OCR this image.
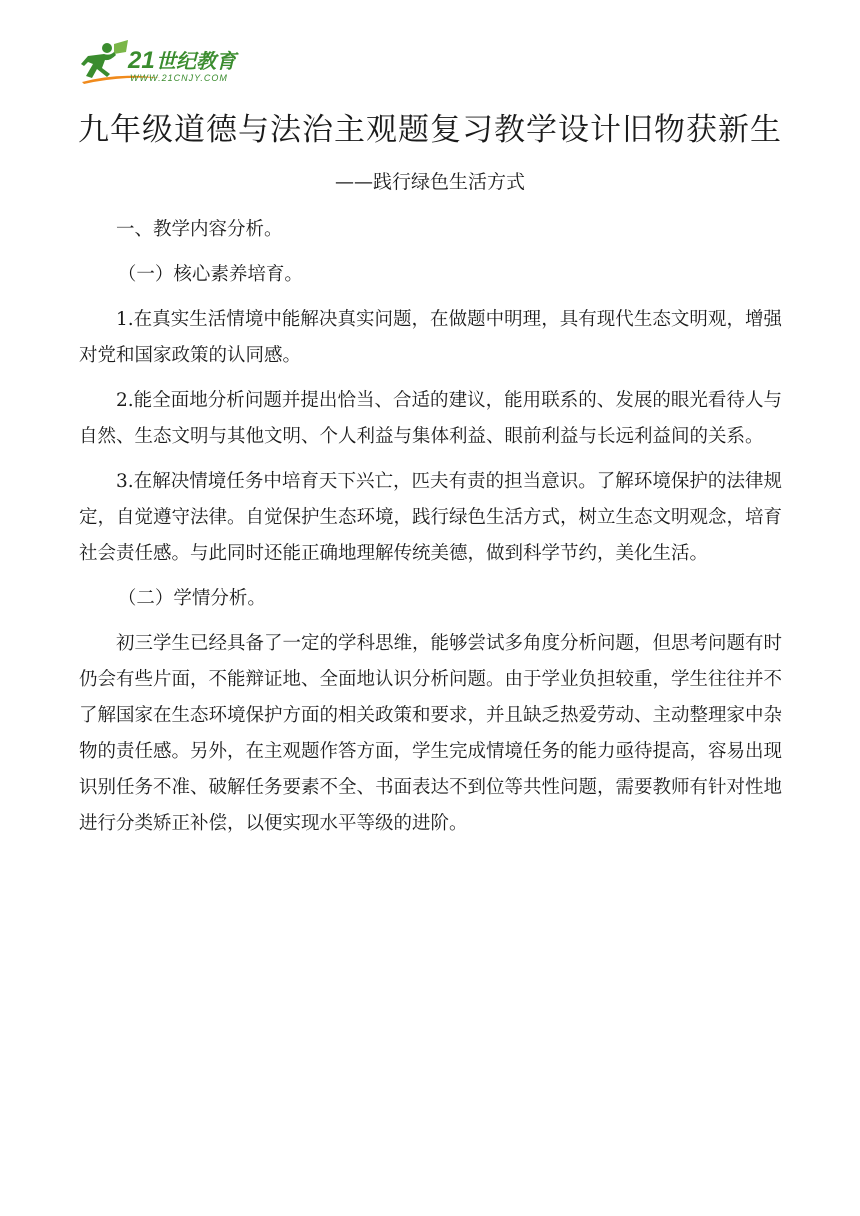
21 世纪教育
WWW.21CNJY.COM
九年级道德与法治主观题复习教学设计旧物获新生
——践行绿色生活方式

一、教学内容分析。

（一）核心素养培育。

1.在真实生活情境中能解决真实问题，在做题中明理，具有现代生态文明观，增强对党和国家政策的认同感。

2.能全面地分析问题并提出恰当、合适的建议，能用联系的、发展的眼光看待人与自然、生态文明与其他文明、个人利益与集体利益、眼前利益与长远利益间的关系。

3.在解决情境任务中培育天下兴亡，匹夫有责的担当意识。了解环境保护的法律规定，自觉遵守法律。自觉保护生态环境，践行绿色生活方式，树立生态文明观念，培育社会责任感。与此同时还能正确地理解传统美德，做到科学节约，美化生活。

（二）学情分析。

初三学生已经具备了一定的学科思维，能够尝试多角度分析问题，但思考问题有时仍会有些片面，不能辩证地、全面地认识分析问题。由于学业负担较重，学生往往并不了解国家在生态环境保护方面的相关政策和要求，并且缺乏热爱劳动、主动整理家中杂物的责任感。另外，在主观题作答方面，学生完成情境任务的能力亟待提高，容易出现识别任务不准、破解任务要素不全、书面表达不到位等共性问题，需要教师有针对性地进行分类矫正补偿，以便实现水平等级的进阶。
